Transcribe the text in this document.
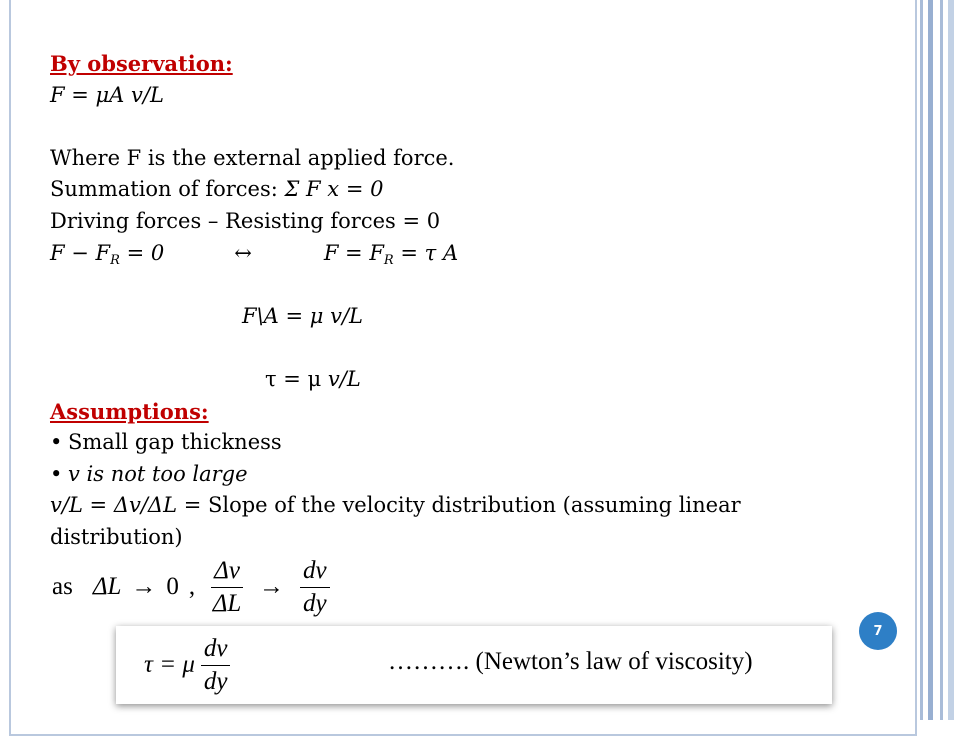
By observation:
F = μA v/L

Where F is the external applied force.
Summation of forces: Σ F x = 0
Driving forces – Resisting forces = 0
$F - F_R = 0$	↔	$F = F_R = \tau$ A

F\A = μ v/L

τ = μ v/L
Assumptions:
• Small gap thickness
• v is not too large
v/L = Δv/ΔL = Slope of the velocity distribution (assuming linear distribution)
as ΔL → 0 , $\frac{\Delta v}{\Delta L} \to \frac{dv}{dy}$
τ = μ $\frac{dv}{dy}$	………. (Newton’s law of viscosity)
7
